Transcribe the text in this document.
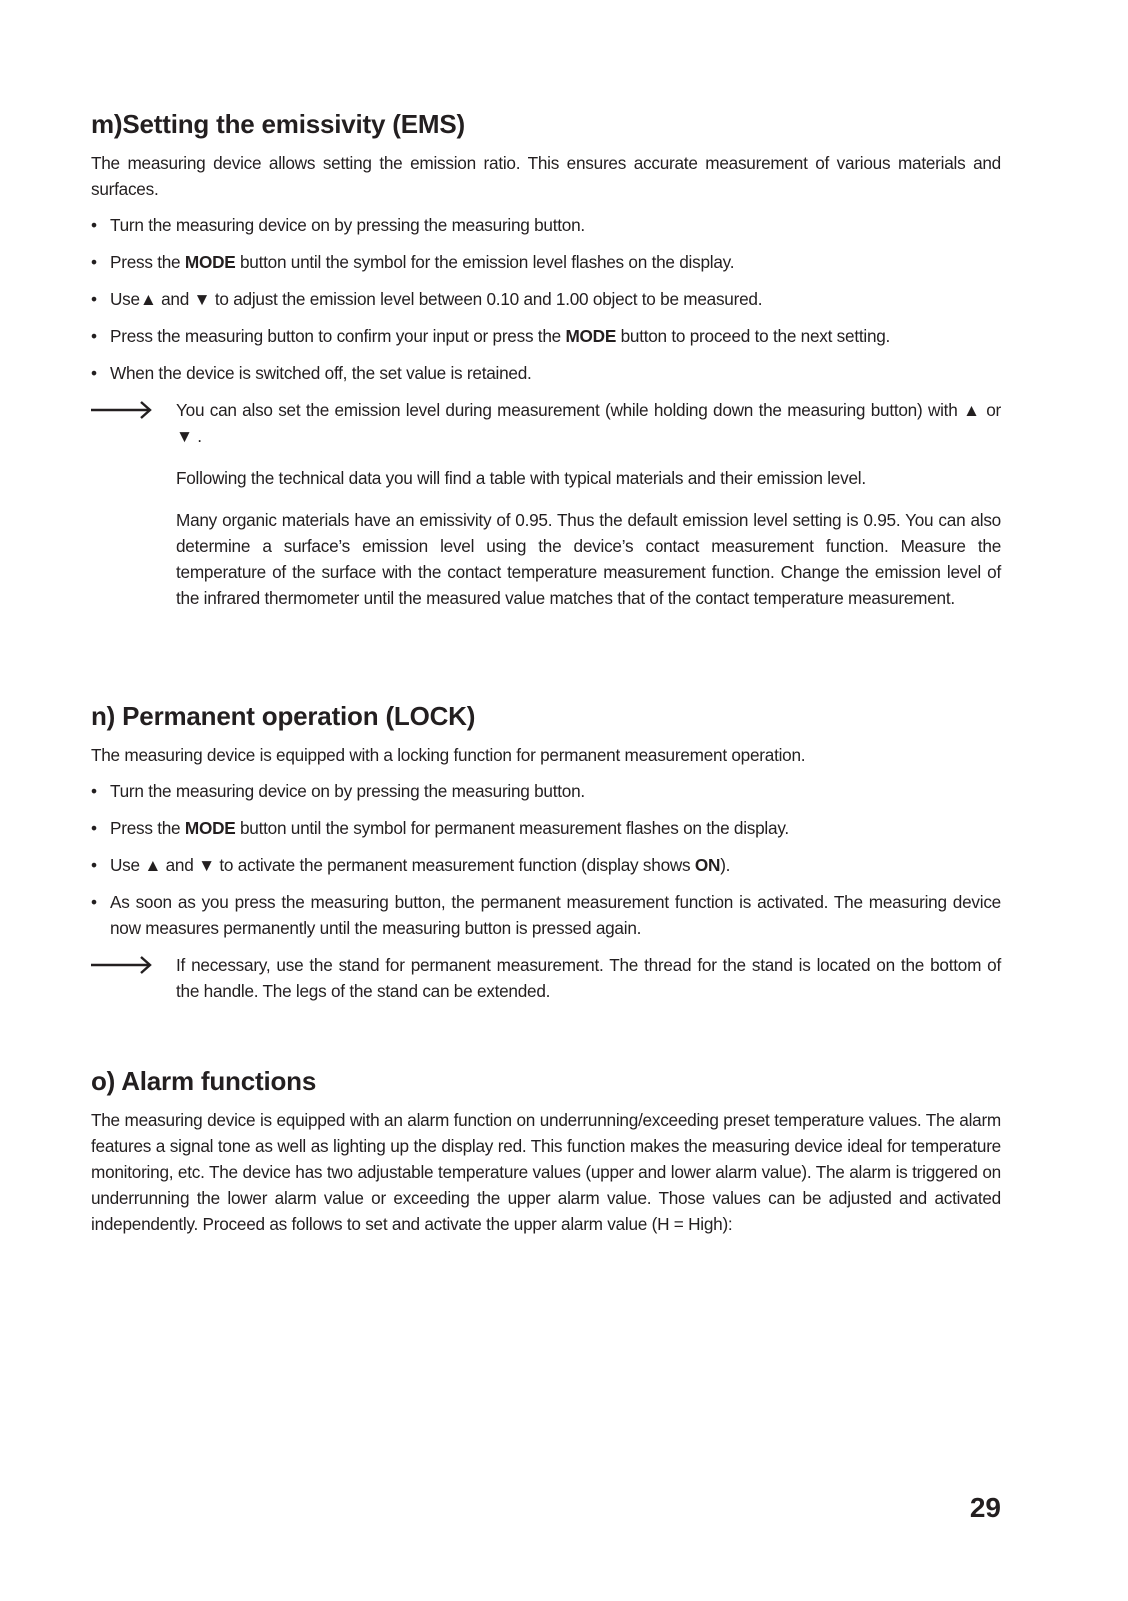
m)Setting the emissivity (EMS)

The measuring device allows setting the emission ratio. This ensures accurate measurement of various materials and surfaces.

• Turn the measuring device on by pressing the measuring button.
• Press the MODE button until the symbol for the emission level flashes on the display.
• Use▲ and ▼ to adjust the emission level between 0.10 and 1.00 object to be measured.
• Press the measuring button to confirm your input or press the MODE button to proceed to the next setting.
• When the device is switched off, the set value is retained.

You can also set the emission level during measurement (while holding down the measuring button) with ▲ or ▼ .

Following the technical data you will find a table with typical materials and their emission level.

Many organic materials have an emissivity of 0.95. Thus the default emission level setting is 0.95. You can also determine a surface’s emission level using the device’s contact measurement function. Measure the temperature of the surface with the contact temperature measurement function. Change the emission level of the infrared thermometer until the measured value matches that of the contact temperature measurement.

n) Permanent operation (LOCK)

The measuring device is equipped with a locking function for permanent measurement operation.

• Turn the measuring device on by pressing the measuring button.
• Press the MODE button until the symbol for permanent measurement flashes on the display.
• Use ▲ and ▼ to activate the permanent measurement function (display shows ON).
• As soon as you press the measuring button, the permanent measurement function is activated. The measuring device now measures permanently until the measuring button is pressed again.

If necessary, use the stand for permanent measurement. The thread for the stand is located on the bottom of the handle. The legs of the stand can be extended.

o) Alarm functions

The measuring device is equipped with an alarm function on underrunning/exceeding preset temperature values. The alarm features a signal tone as well as lighting up the display red. This function makes the measuring device ideal for temperature monitoring, etc. The device has two adjustable temperature values (upper and lower alarm value). The alarm is triggered on underrunning the lower alarm value or exceeding the upper alarm value. Those values can be adjusted and activated independently. Proceed as follows to set and activate the upper alarm value (H = High):

29
